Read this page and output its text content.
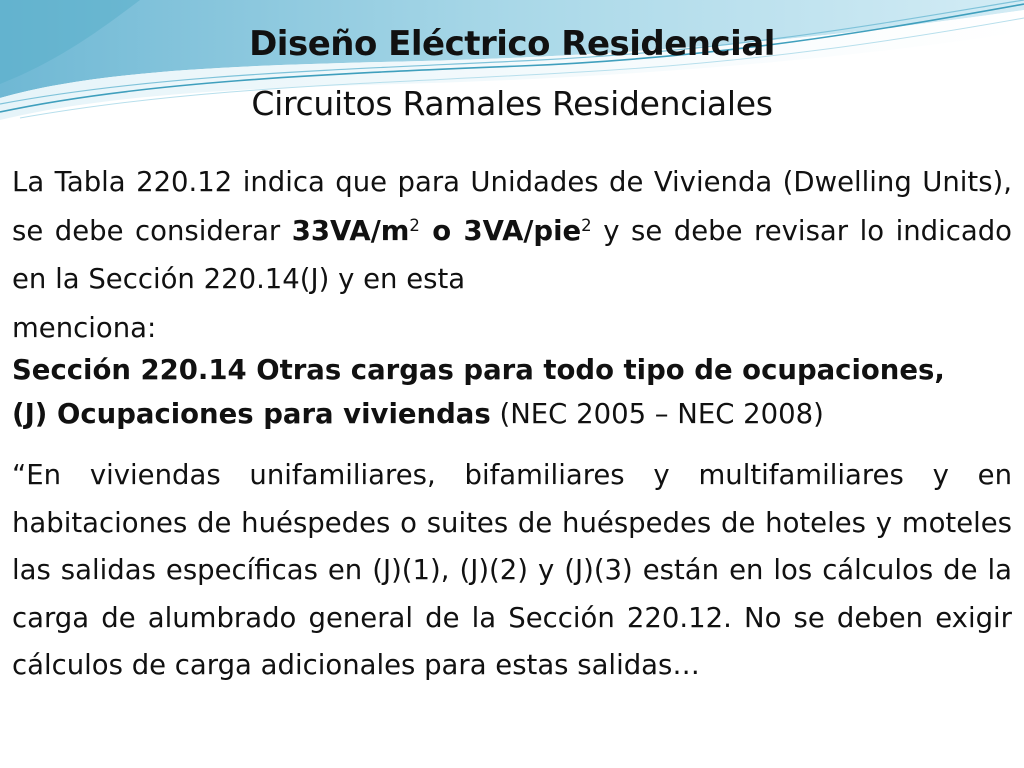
Diseño Eléctrico Residencial
Circuitos Ramales Residenciales

La Tabla 220.12 indica que para Unidades de Vivienda (Dwelling Units), se debe considerar $33VA/m^2$ o 3VA/pie$^2$ y se debe revisar lo indicado en la Sección 220.14(J) y en esta
menciona:

Sección 220.14 Otras cargas para todo tipo de ocupaciones,
(J) Ocupaciones para viviendas (NEC 2005 – NEC 2008)

“En viviendas unifamiliares, bifamiliares y multifamiliares y en habitaciones de huéspedes o suites de huéspedes de hoteles y moteles las salidas específicas en (J)(1), (J)(2) y (J)(3) están en los cálculos de la carga de alumbrado general de la Sección 220.12. No se deben exigir cálculos de carga adicionales para estas salidas…
